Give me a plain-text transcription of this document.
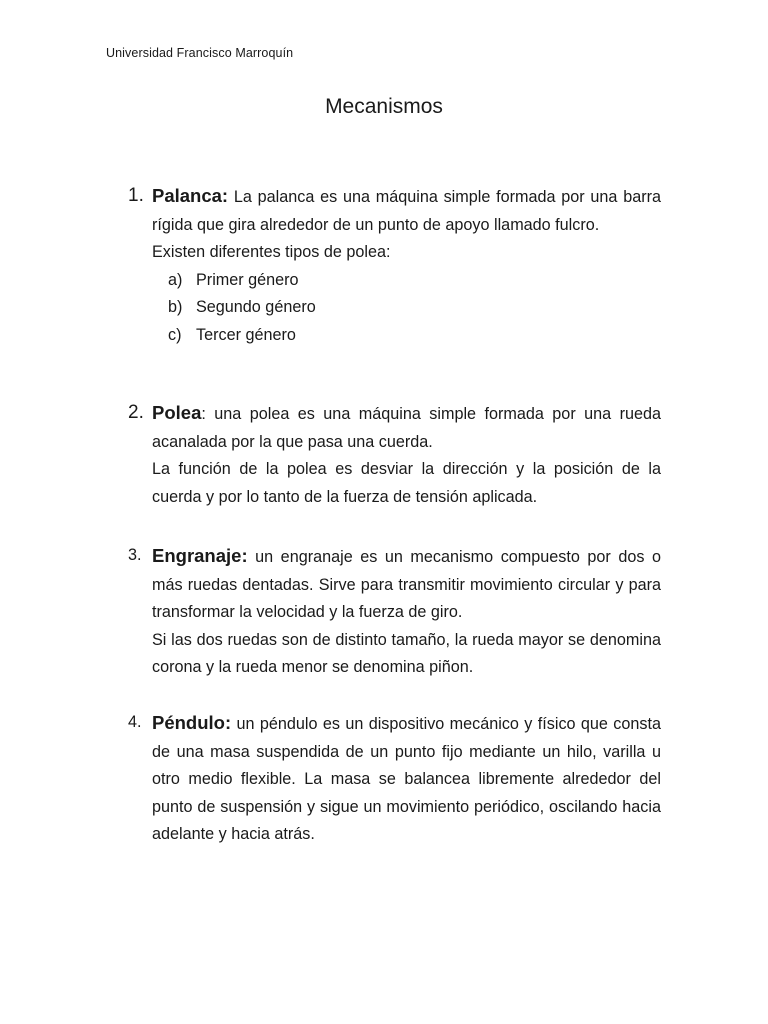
Universidad Francisco Marroquín
Mecanismos
1. Palanca: La palanca es una máquina simple formada por una barra rígida que gira alrededor de un punto de apoyo llamado fulcro.
Existen diferentes tipos de polea:
a) Primer género
b) Segundo género
c) Tercer género
2. Polea: una polea es una máquina simple formada por una rueda acanalada por la que pasa una cuerda.
La función de la polea es desviar la dirección y la posición de la cuerda y por lo tanto de la fuerza de tensión aplicada.
3. Engranaje: un engranaje es un mecanismo compuesto por dos o más ruedas dentadas. Sirve para transmitir movimiento circular y para transformar la velocidad y la fuerza de giro.
Si las dos ruedas son de distinto tamaño, la rueda mayor se denomina corona y la rueda menor se denomina piñon.
4. Péndulo: un péndulo es un dispositivo mecánico y físico que consta de una masa suspendida de un punto fijo mediante un hilo, varilla u otro medio flexible. La masa se balancea libremente alrededor del punto de suspensión y sigue un movimiento periódico, oscilando hacia adelante y hacia atrás.
